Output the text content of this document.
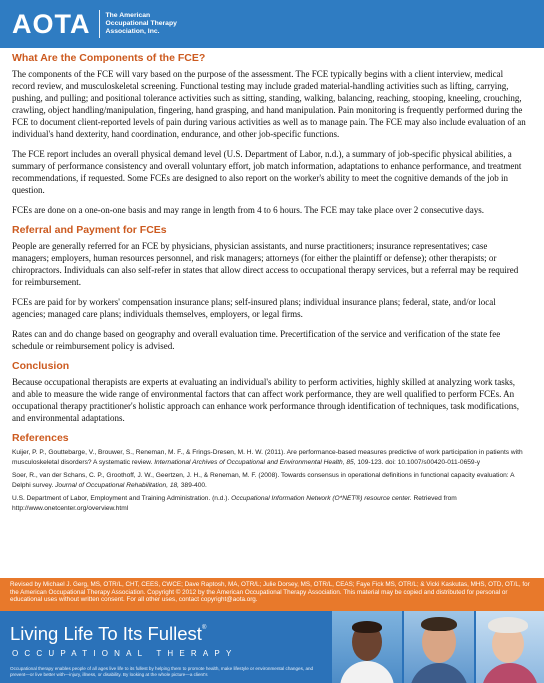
AOTA The American
Occupational Therapy
Association, Inc.
What Are the Components of the FCE?

The components of the FCE will vary based on the purpose of the assessment. The FCE typically begins with a client interview, medical record review, and musculoskeletal screening. Functional testing may include graded material-handling activities such as lifting, carrying, pushing, and pulling; and positional tolerance activities such as sitting, standing, walking, balancing, reaching, stooping, kneeling, crouching, crawling, object handling/manipulation, fingering, hand grasping, and hand manipulation. Pain monitoring is frequently performed during the FCE to document client-reported levels of pain during various activities as well as to manage pain. The FCE may also include evaluation of an individual's hand dexterity, hand coordination, endurance, and other job-specific functions.

The FCE report includes an overall physical demand level (U.S. Department of Labor, n.d.), a summary of job-specific physical abilities, a summary of performance consistency and overall voluntary effort, job match information, adaptations to enhance performance, and treatment recommendations, if requested. Some FCEs are designed to also report on the worker's ability to meet the cognitive demands of the job in question.

FCEs are done on a one-on-one basis and may range in length from 4 to 6 hours. The FCE may take place over 2 consecutive days.

Referral and Payment for FCEs

People are generally referred for an FCE by physicians, physician assistants, and nurse practitioners; insurance representatives; case managers; employers, human resources personnel, and risk managers; attorneys (for either the plaintiff or defense); other therapists; or chiropractors. Individuals can also self-refer in states that allow direct access to occupational therapy services, but a referral may be required for reimbursement.

FCEs are paid for by workers' compensation insurance plans; self-insured plans; individual insurance plans; federal, state, and/or local agencies; managed care plans; individuals themselves, employers, or legal firms.

Rates can and do change based on geography and overall evaluation time. Precertification of the service and verification of the state fee schedule or reimbursement policy is advised.

Conclusion

Because occupational therapists are experts at evaluating an individual's ability to perform activities, highly skilled at analyzing work tasks, and able to measure the wide range of environmental factors that can affect work performance, they are well qualified to perform FCEs. An occupational therapy practitioner's holistic approach can enhance work performance through identification of techniques, task modifications, and environmental adaptations.

References

Kuijer, P. P., Gouttebarge, V., Brouwer, S., Reneman, M. F., & Frings-Dresen, M. H. W. (2011). Are performance-based measures predictive of work participation in patients with musculoskeletal disorders? A systematic review. International Archives of Occupational and Environmental Health, 85, 109-123. doi: 10.1007/s00420-011-0659-y

Soer, R., van der Schans, C. P., Groothoff, J. W., Geertzen, J. H., & Reneman, M. F. (2008). Towards consensus in operational definitions in functional capacity evaluation: A Delphi survey. Journal of Occupational Rehabilitation, 18, 389-400.

U.S. Department of Labor, Employment and Training Administration. (n.d.). Occupational Information Network (O*NET®) resource center. Retrieved from http://www.onetcenter.org/overview.html

Revised by Michael J. Gerg, MS, OTR/L, CHT, CEES, CWCE; Dave Raptosh, MA, OTR/L; Julie Dorsey, MS, OTR/L, CEAS; Faye Fick MS, OTR/L; & Vicki Kaskutas, MHS, OTD, OT/L, for the American Occupational Therapy Association. Copyright © 2012 by the American Occupational Therapy Association. This material may be copied and distributed for personal or educational uses without written consent. For all other uses, contact copyright@aota.org.

Living Life To Its Fullest®
OCCUPATIONAL THERAPY
Occupational therapy enables people of all ages live life to its fullest by helping them to promote health, make lifestyle or environmental changes, and prevent—or live better with—injury, illness, or disability. By looking at the whole picture—a client's
